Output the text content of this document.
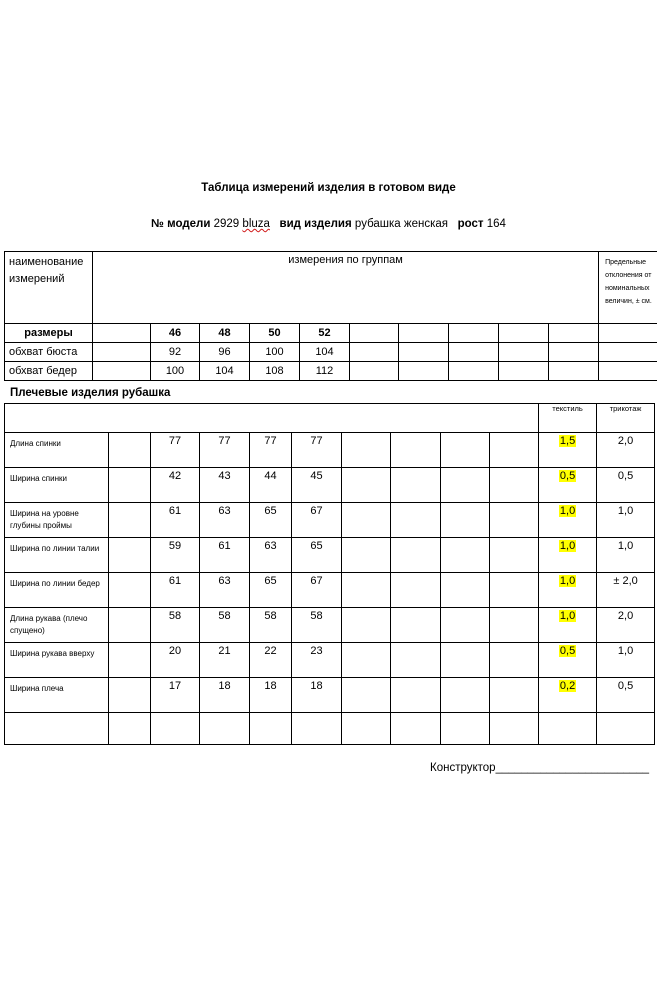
Таблица измерений изделия в готовом виде
№ модели 2929 bluza вид изделия рубашка женская рост 164
наименование измерений	измерения по группам										Предельные отклонения от номинальных величин, ± см.
размеры		46	48	50	52						
обхват бюста		92	96	100	104						
обхват бедер		100	104	108	112						
Плечевые изделия рубашка
										текстиль	трикотаж
Длина спинки		77	77	77	77					1,5	2,0
Ширина спинки		42	43	44	45					0,5	0,5
Ширина на уровне глубины проймы		61	63	65	67					1,0	1,0
Ширина по линии талии		59	61	63	65					1,0	1,0
Ширина по линии бедер		61	63	65	67					1,0	± 2,0
Длина рукава (плечо спущено)		58	58	58	58					1,0	2,0
Ширина рукава вверху		20	21	22	23					0,5	1,0
Ширина плеча		17	18	18	18					0,2	0,5

Конструктор________________________
